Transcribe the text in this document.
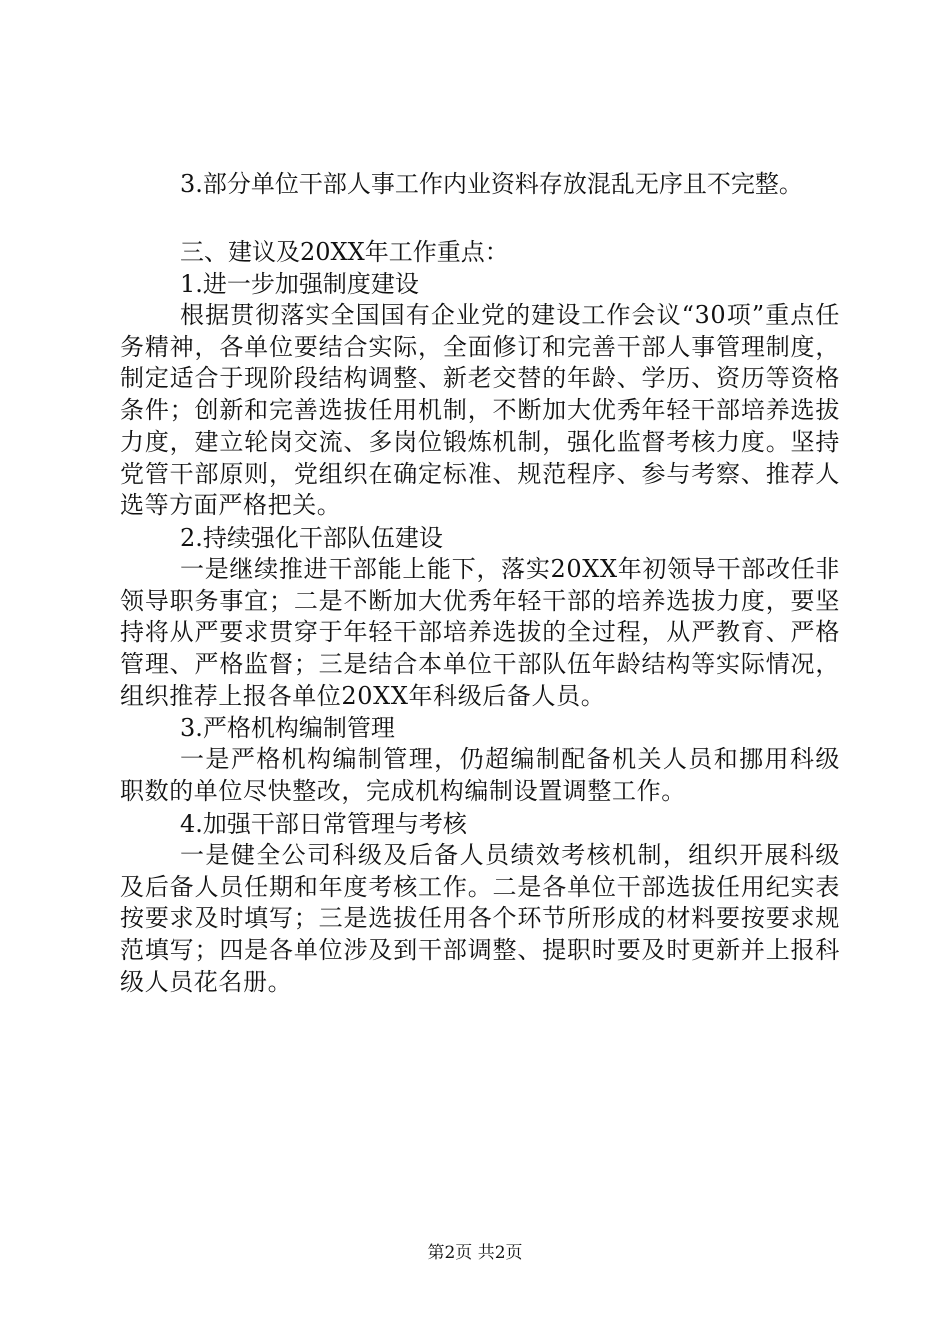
3.部分单位干部人事工作内业资料存放混乱无序且不完整。
三、建议及20XX年工作重点：
1.进一步加强制度建设
根据贯彻落实全国国有企业党的建设工作会议“30项”重点任务精神，各单位要结合实际，全面修订和完善干部人事管理制度，制定适合于现阶段结构调整、新老交替的年龄、学历、资历等资格条件；创新和完善选拔任用机制，不断加大优秀年轻干部培养选拔力度，建立轮岗交流、多岗位锻炼机制，强化监督考核力度。坚持党管干部原则，党组织在确定标准、规范程序、参与考察、推荐人选等方面严格把关。
2.持续强化干部队伍建设
一是继续推进干部能上能下，落实20XX年初领导干部改任非领导职务事宜；二是不断加大优秀年轻干部的培养选拔力度，要坚持将从严要求贯穿于年轻干部培养选拔的全过程，从严教育、严格管理、严格监督；三是结合本单位干部队伍年龄结构等实际情况，组织推荐上报各单位20XX年科级后备人员。
3.严格机构编制管理
一是严格机构编制管理，仍超编制配备机关人员和挪用科级职数的单位尽快整改，完成机构编制设置调整工作。
4.加强干部日常管理与考核
一是健全公司科级及后备人员绩效考核机制，组织开展科级及后备人员任期和年度考核工作。二是各单位干部选拔任用纪实表按要求及时填写；三是选拔任用各个环节所形成的材料要按要求规范填写；四是各单位涉及到干部调整、提职时要及时更新并上报科级人员花名册。
第2页 共2页
